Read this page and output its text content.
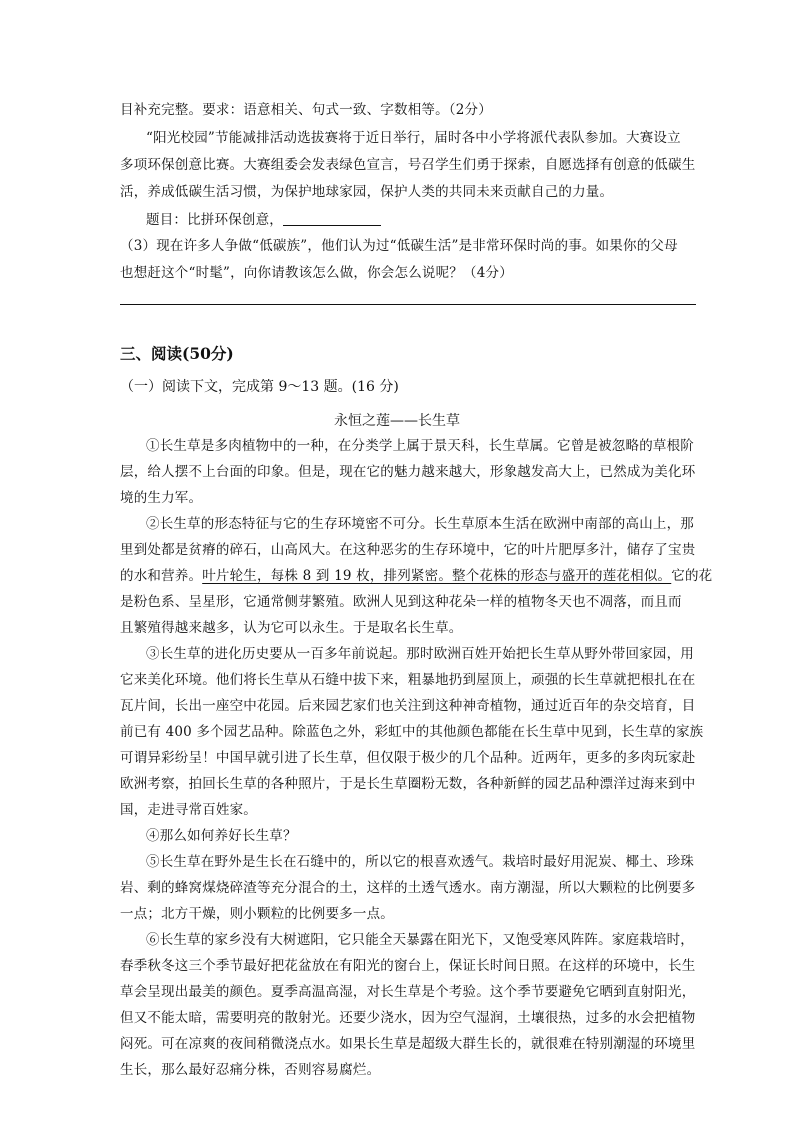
目补充完整。要求：语意相关、句式一致、字数相等。（2分）
“阳光校园”节能减排活动选拔赛将于近日举行，届时各中小学将派代表队参加。大赛设立
多项环保创意比赛。大赛组委会发表绿色宣言，号召学生们勇于探索，自愿选择有创意的低碳生
活，养成低碳生活习惯，为保护地球家园，保护人类的共同未来贡献自己的力量。
题目：比拼环保创意，
（3）现在许多人争做“低碳族”，他们认为过“低碳生活”是非常环保时尚的事。如果你的父母
也想赶这个“时髦”，向你请教该怎么做，你会怎么说呢？（4分）
三、阅读(50分)
（一）阅读下文，完成第 9～13 题。(16 分)
永恒之莲——长生草
①长生草是多肉植物中的一种，在分类学上属于景天科，长生草属。它曾是被忽略的草根阶
层，给人摆不上台面的印象。但是，现在它的魅力越来越大，形象越发高大上，已然成为美化环
境的生力军。
②长生草的形态特征与它的生存环境密不可分。长生草原本生活在欧洲中南部的高山上，那
里到处都是贫瘠的碎石，山高风大。在这种恶劣的生存环境中，它的叶片肥厚多汁，储存了宝贵
的水和营养。叶片轮生，每株 8 到 19 枚，排列紧密。整个花株的形态与盛开的莲花相似。它的花
是粉色系、呈星形，它通常侧芽繁殖。欧洲人见到这种花朵一样的植物冬天也不凋落，而且而
且繁殖得越来越多，认为它可以永生。于是取名长生草。
③长生草的进化历史要从一百多年前说起。那时欧洲百姓开始把长生草从野外带回家园，用
它来美化环境。他们将长生草从石缝中拔下来，粗暴地扔到屋顶上，顽强的长生草就把根扎在在
瓦片间，长出一座空中花园。后来园艺家们也关注到这种神奇植物，通过近百年的杂交培育，目
前已有 400 多个园艺品种。除蓝色之外，彩虹中的其他颜色都能在长生草中见到，长生草的家族
可谓异彩纷呈！中国早就引进了长生草，但仅限于极少的几个品种。近两年，更多的多肉玩家赴
欧洲考察，拍回长生草的各种照片，于是长生草圈粉无数，各种新鲜的园艺品种漂洋过海来到中
国，走进寻常百姓家。
④那么如何养好长生草？
⑤长生草在野外是生长在石缝中的，所以它的根喜欢透气。栽培时最好用泥炭、椰土、珍珠
岩、剩的蜂窝煤烧碎渣等充分混合的土，这样的土透气透水。南方潮湿，所以大颗粒的比例要多
一点；北方干燥，则小颗粒的比例要多一点。
⑥长生草的家乡没有大树遮阳，它只能全天暴露在阳光下，又饱受寒风阵阵。家庭栽培时，
春季秋冬这三个季节最好把花盆放在有阳光的窗台上，保证长时间日照。在这样的环境中，长生
草会呈现出最美的颜色。夏季高温高湿，对长生草是个考验。这个季节要避免它晒到直射阳光，
但又不能太暗，需要明亮的散射光。还要少浇水，因为空气湿润，土壤很热，过多的水会把植物
闷死。可在凉爽的夜间稍微浇点水。如果长生草是超级大群生长的，就很难在特别潮湿的环境里
生长，那么最好忍痛分株，否则容易腐烂。
